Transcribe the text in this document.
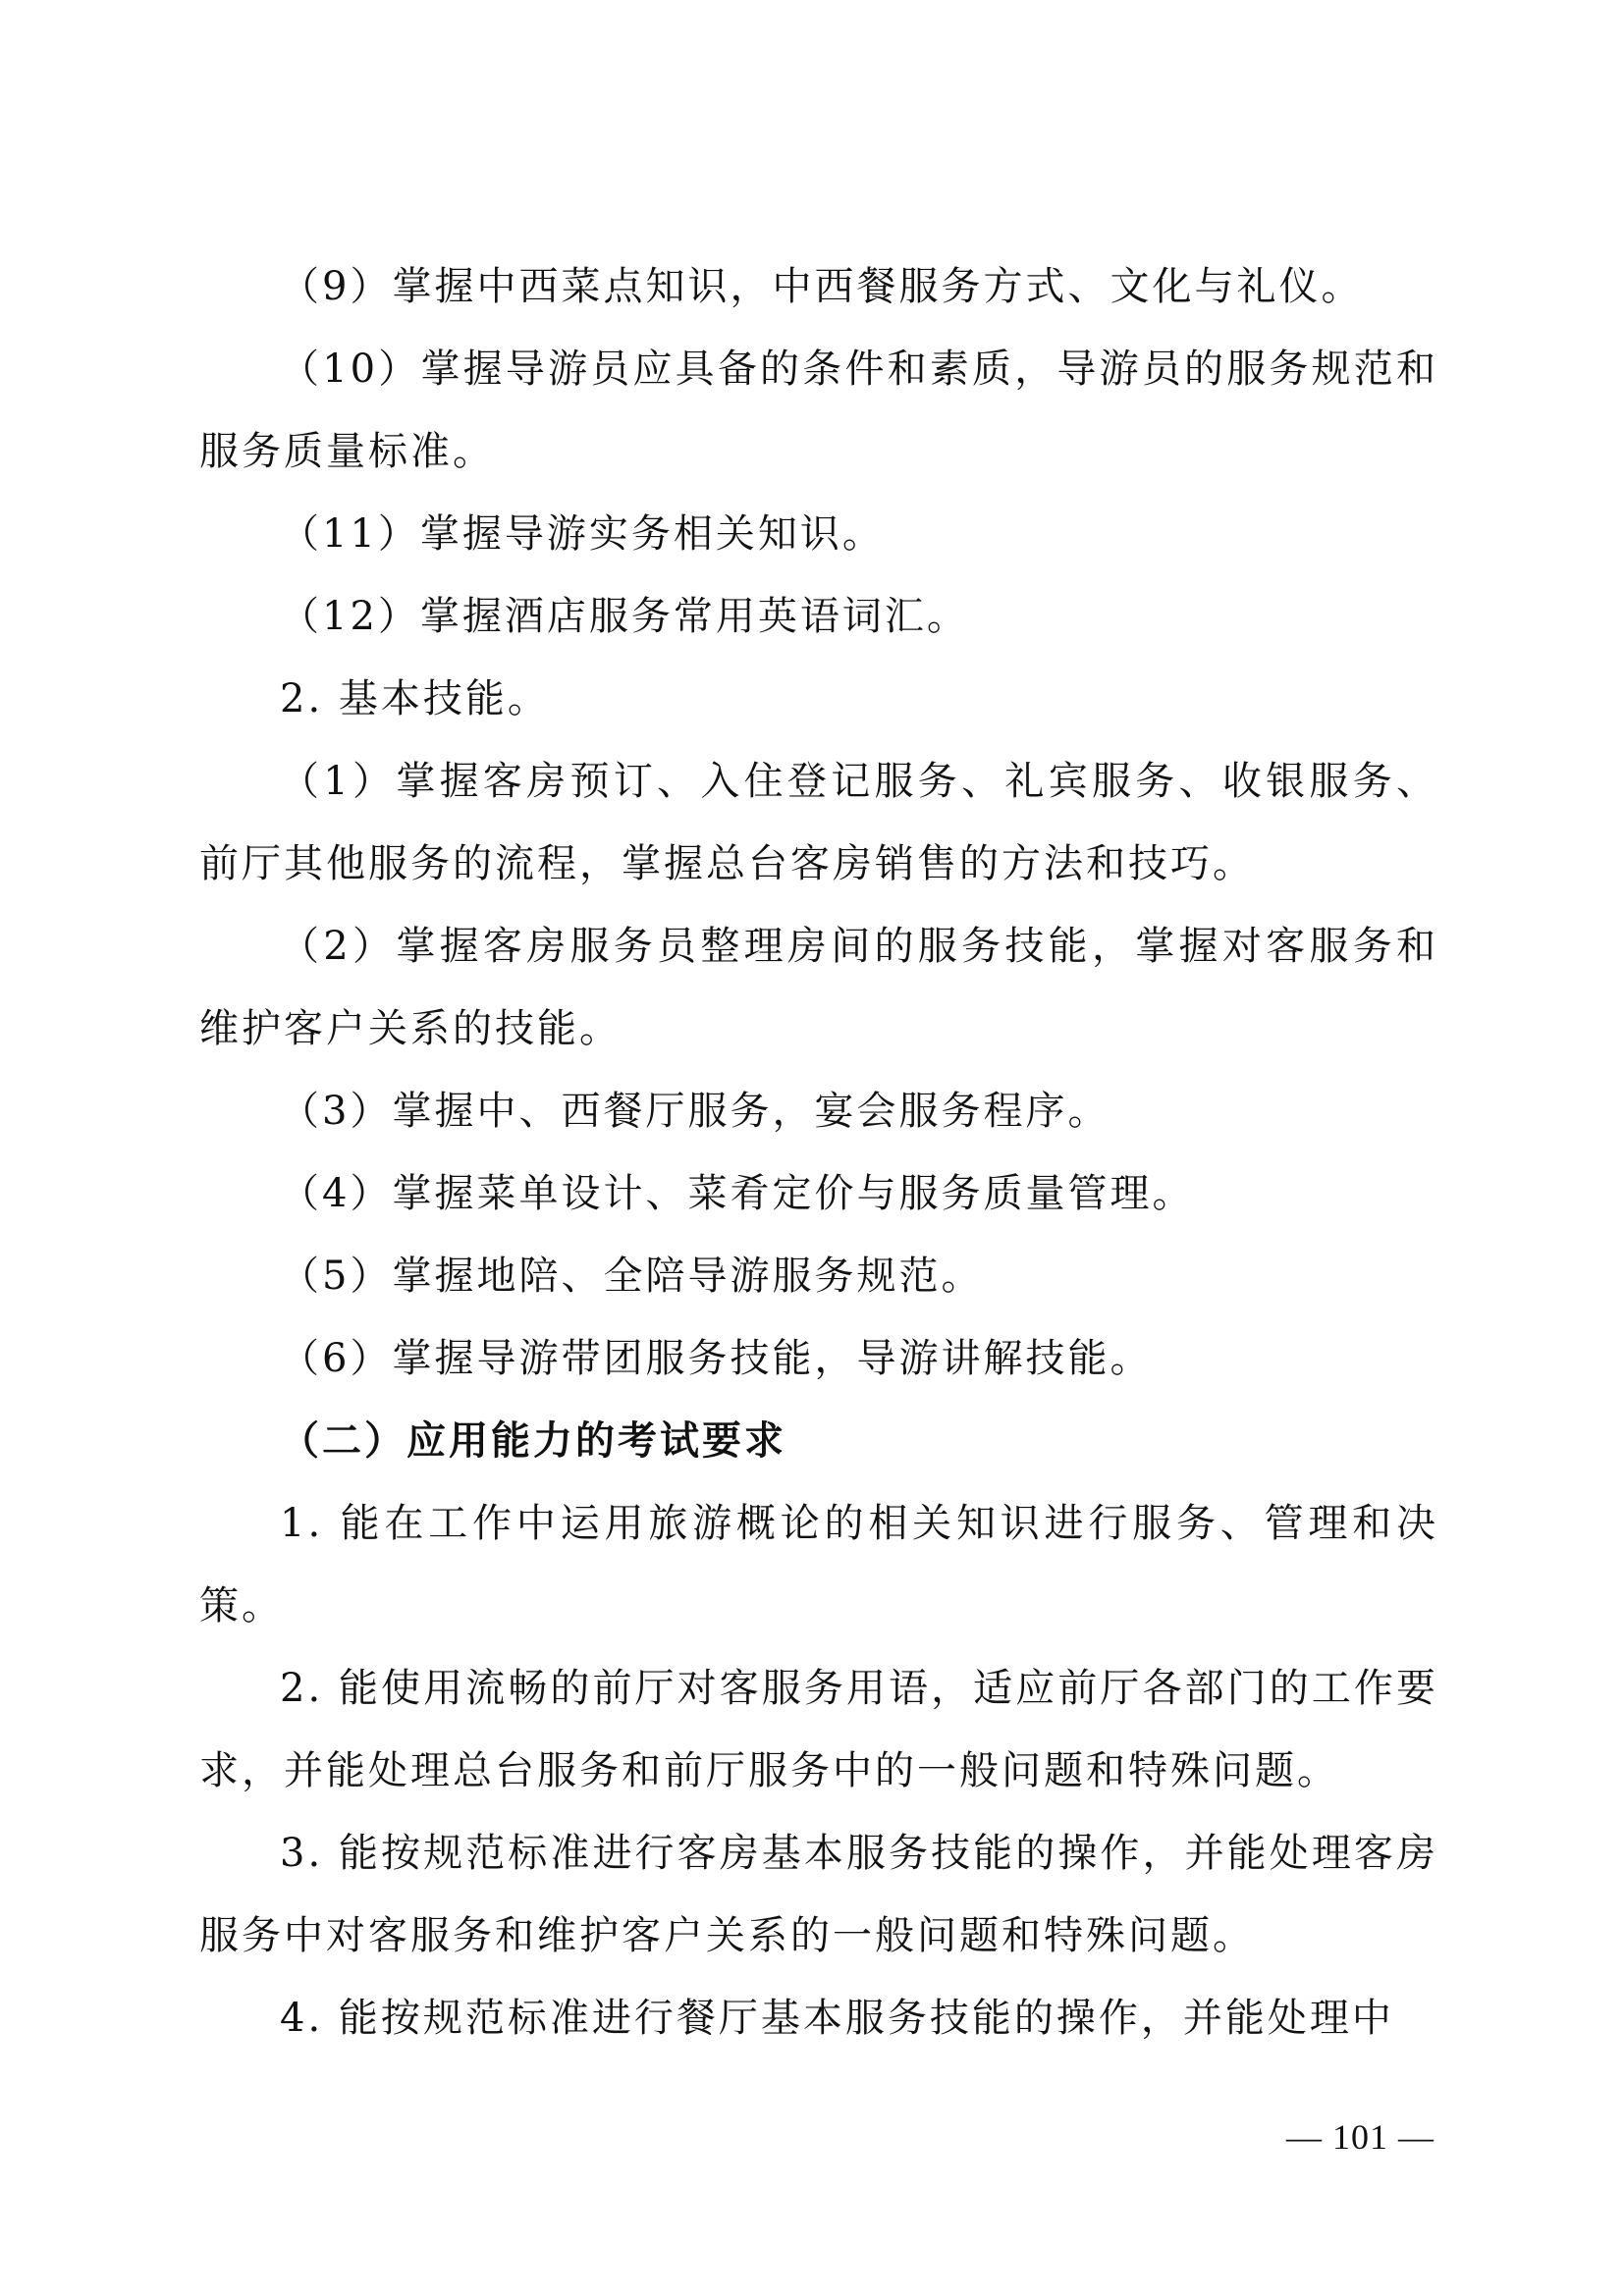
（9）掌握中西菜点知识，中西餐服务方式、文化与礼仪。

（10）掌握导游员应具备的条件和素质，导游员的服务规范和服务质量标准。

（11）掌握导游实务相关知识。

（12）掌握酒店服务常用英语词汇。

2. 基本技能。

（1）掌握客房预订、入住登记服务、礼宾服务、收银服务、前厅其他服务的流程，掌握总台客房销售的方法和技巧。

（2）掌握客房服务员整理房间的服务技能，掌握对客服务和维护客户关系的技能。

（3）掌握中、西餐厅服务，宴会服务程序。

（4）掌握菜单设计、菜肴定价与服务质量管理。

（5）掌握地陪、全陪导游服务规范。

（6）掌握导游带团服务技能，导游讲解技能。

（二）应用能力的考试要求

1. 能在工作中运用旅游概论的相关知识进行服务、管理和决策。

2. 能使用流畅的前厅对客服务用语，适应前厅各部门的工作要求，并能处理总台服务和前厅服务中的一般问题和特殊问题。

3. 能按规范标准进行客房基本服务技能的操作，并能处理客房服务中对客服务和维护客户关系的一般问题和特殊问题。

4. 能按规范标准进行餐厅基本服务技能的操作，并能处理中

— 101 —
